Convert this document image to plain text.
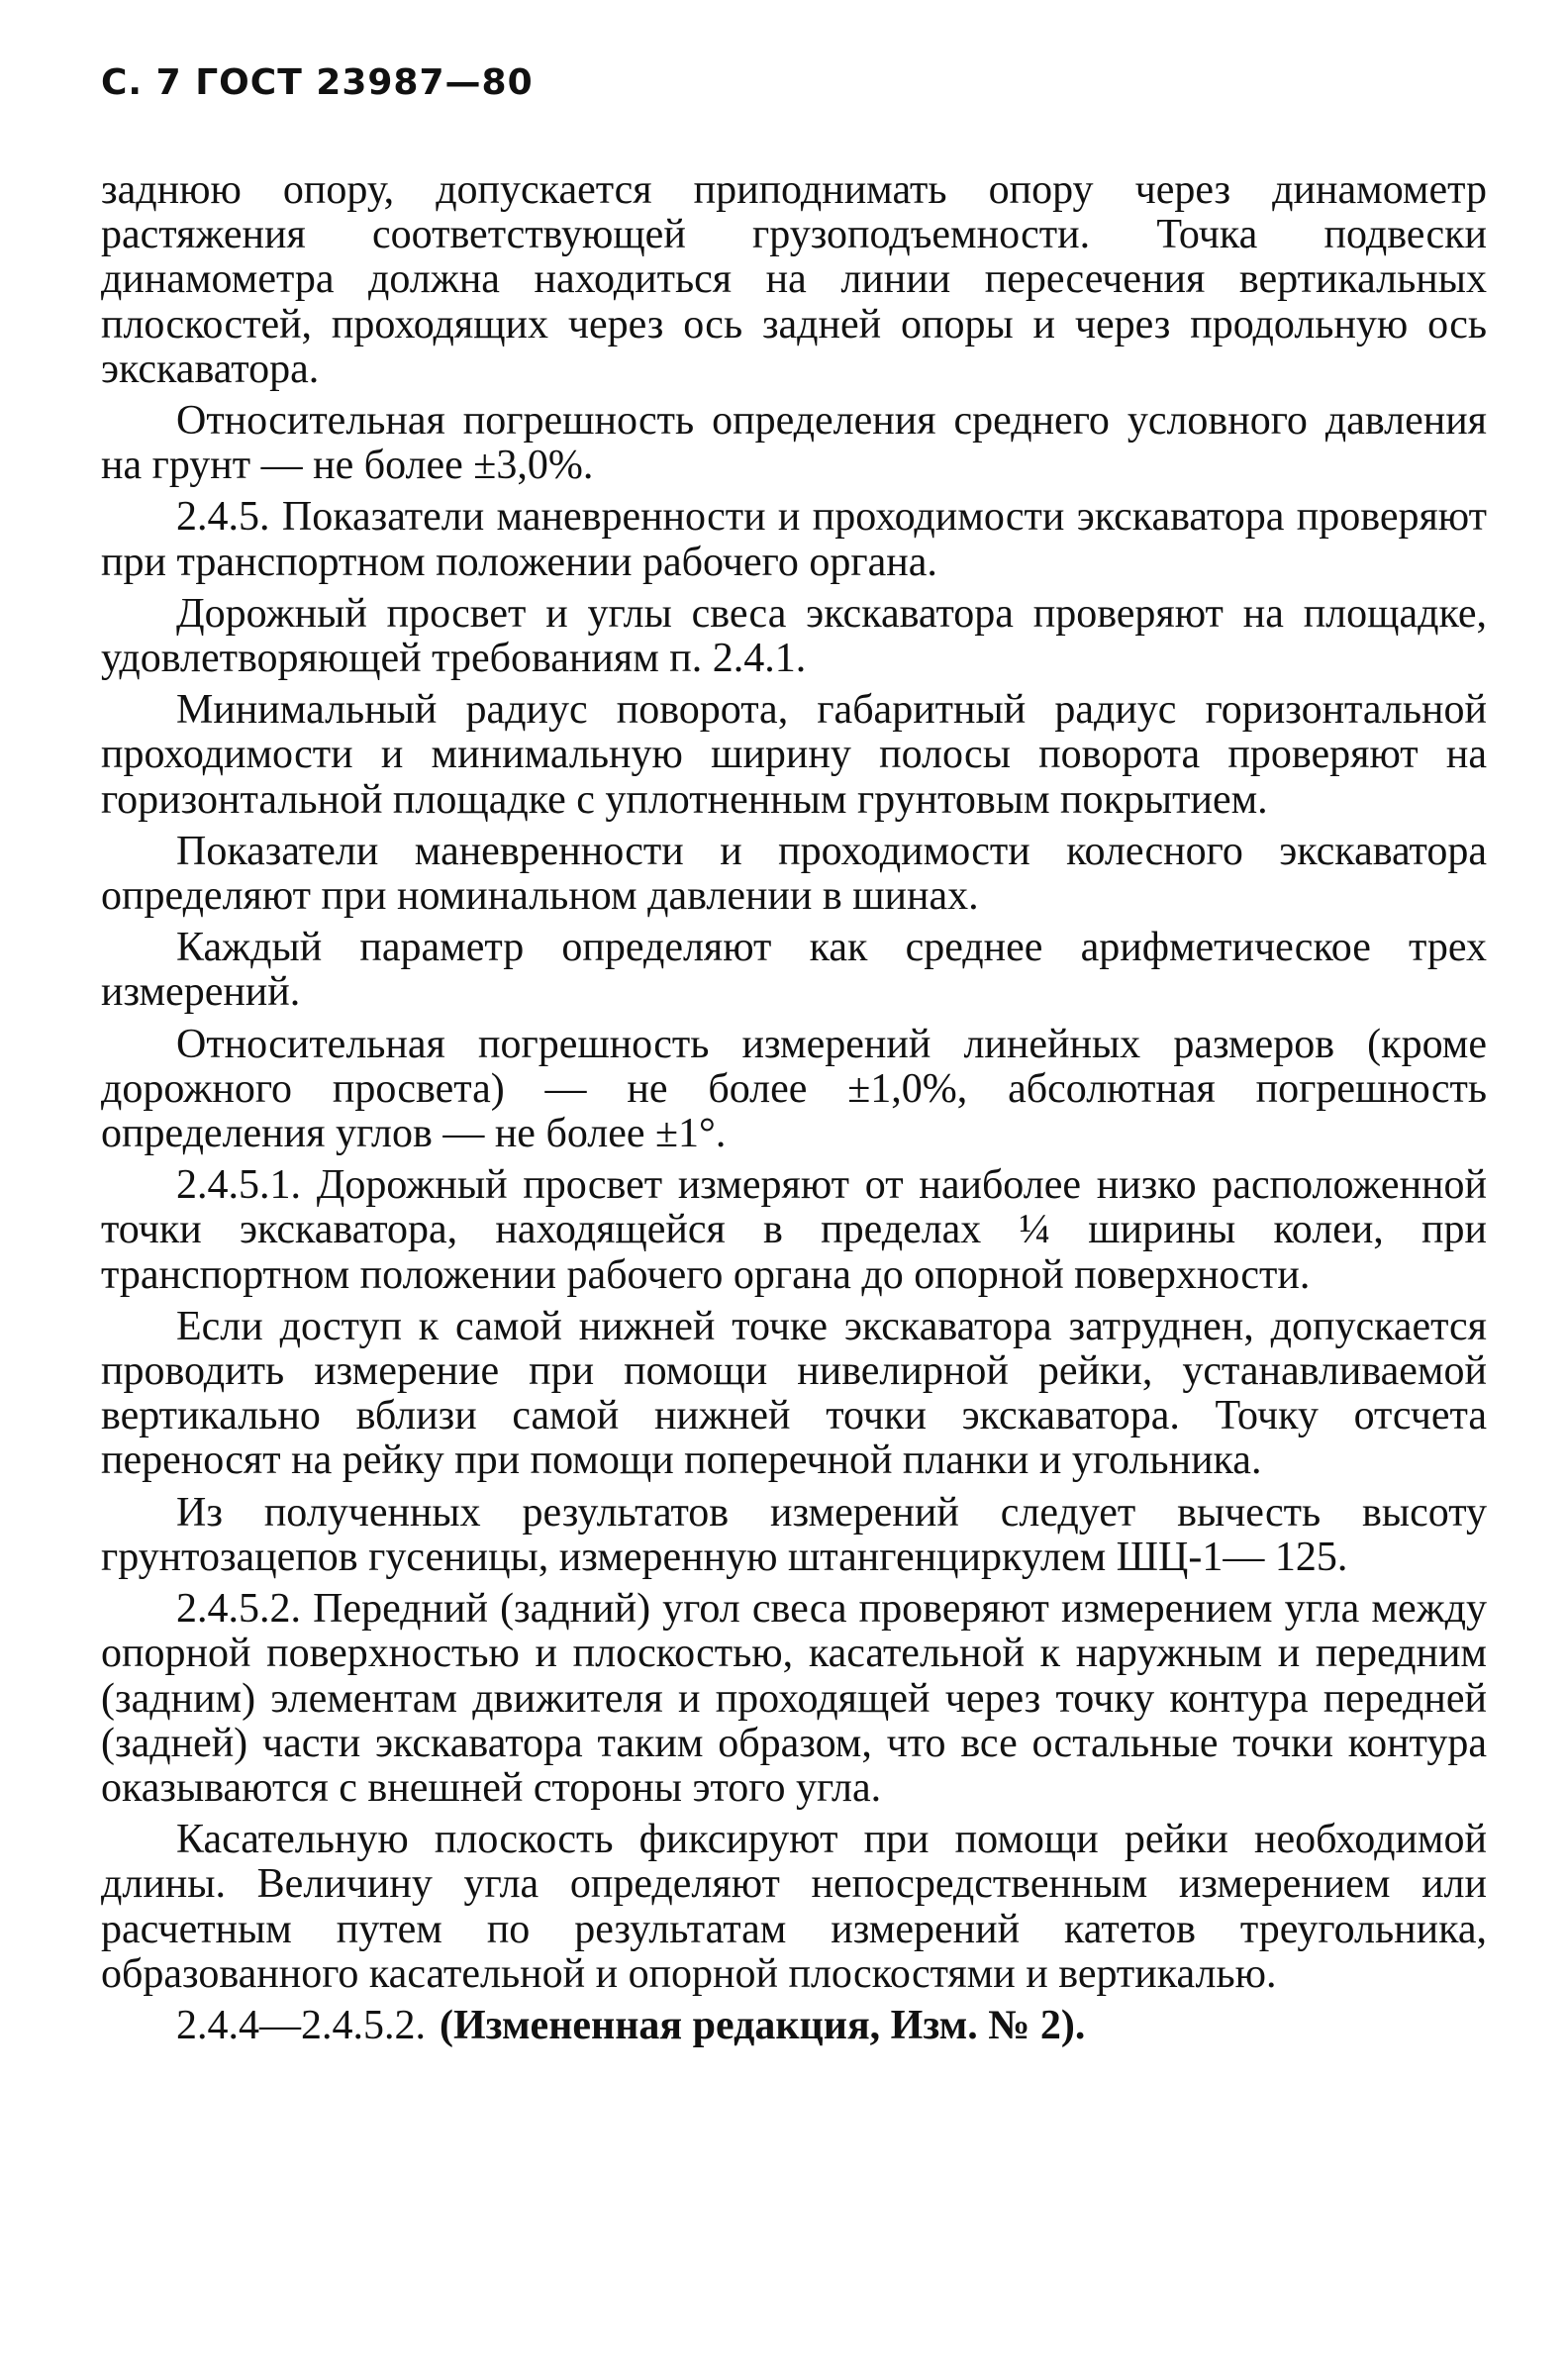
С. 7 ГОСТ 23987—80

заднюю опору, допускается приподнимать опору через динамометр растяжения соответствующей грузоподъемности. Точка подвески динамометра должна находиться на линии пересечения вертикальных плоскостей, проходящих через ось задней опоры и через продольную ось экскаватора.

Относительная погрешность определения среднего условного давления на грунт — не более ±3,0%.

2.4.5. Показатели маневренности и проходимости экскаватора проверяют при транспортном положении рабочего органа.

Дорожный просвет и углы свеса экскаватора проверяют на площадке, удовлетворяющей требованиям п. 2.4.1.

Минимальный радиус поворота, габаритный радиус горизонтальной проходимости и минимальную ширину полосы поворота проверяют на горизонтальной площадке с уплотненным грунтовым покрытием.

Показатели маневренности и проходимости колесного экскаватора определяют при номинальном давлении в шинах.

Каждый параметр определяют как среднее арифметическое трех измерений.

Относительная погрешность измерений линейных размеров (кроме дорожного просвета) — не более ±1,0%, абсолютная погрешность определения углов — не более ±1°.

2.4.5.1. Дорожный просвет измеряют от наиболее низко расположенной точки экскаватора, находящейся в пределах ¼ ширины колеи, при транспортном положении рабочего органа до опорной поверхности.

Если доступ к самой нижней точке экскаватора затруднен, допускается проводить измерение при помощи нивелирной рейки, устанавливаемой вертикально вблизи самой нижней точки экскаватора. Точку отсчета переносят на рейку при помощи поперечной планки и угольника.

Из полученных результатов измерений следует вычесть высоту грунтозацепов гусеницы, измеренную штангенциркулем ШЦ-1— 125.

2.4.5.2. Передний (задний) угол свеса проверяют измерением угла между опорной поверхностью и плоскостью, касательной к наружным и передним (задним) элементам движителя и проходящей через точку контура передней (задней) части экскаватора таким образом, что все остальные точки контура оказываются с внешней стороны этого угла.

Касательную плоскость фиксируют при помощи рейки необходимой длины. Величину угла определяют непосредственным измерением или расчетным путем по результатам измерений катетов треугольника, образованного касательной и опорной плоскостями и вертикалью.

2.4.4—2.4.5.2. (Измененная редакция, Изм. № 2).
